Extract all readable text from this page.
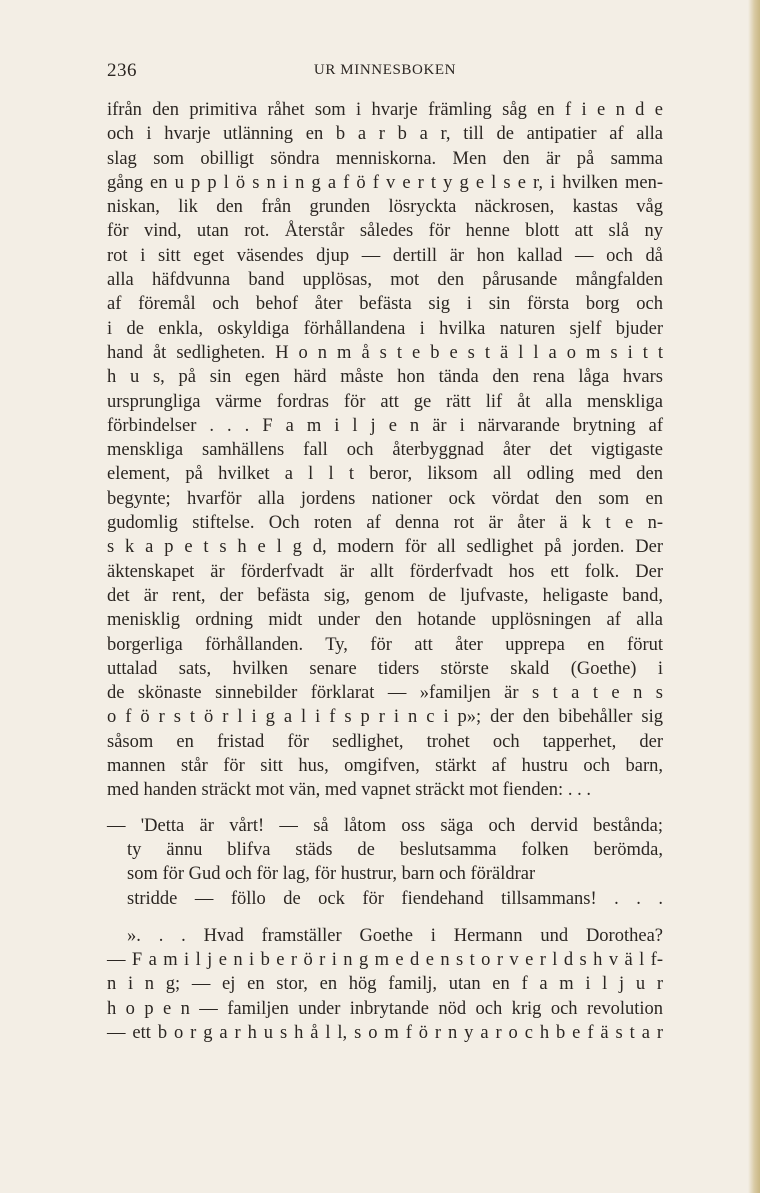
236	UR MINNESBOKEN
ifrån den primitiva råhet som i hvarje främling såg en f i e n d e
och i hvarje utlänning en b a r b a r, till de antipatier af alla
slag som obilligt söndra menniskorna. Men den är på samma
gång en u p p l ö s n i n g a f ö f v e r t y g e l s e r, i hvilken men-
niskan, lik den från grunden lösryckta näckrosen, kastas våg
för vind, utan rot. Återstår således för henne blott att slå ny
rot i sitt eget väsendes djup — dertill är hon kallad — och då
alla häfdvunna band upplösas, mot den pårusande mångfalden
af föremål och behof åter befästa sig i sin första borg och
i de enkla, oskyldiga förhållandena i hvilka naturen sjelf bjuder
hand åt sedligheten. H o n m å s t e b e s t ä l l a o m s i t t
h u s, på sin egen härd måste hon tända den rena låga hvars
ursprungliga värme fordras för att ge rätt lif åt alla menskliga
förbindelser . . . F a m i l j e n är i närvarande brytning af
menskliga samhällens fall och återbyggnad åter det vigtigaste
element, på hvilket a l l t beror, liksom all odling med den
begynte; hvarför alla jordens nationer ock vördat den som en
gudomlig stiftelse. Och roten af denna rot är åter ä k t e n-
s k a p e t s h e l g d, modern för all sedlighet på jorden. Der
äktenskapet är förderfvadt är allt förderfvadt hos ett folk. Der
det är rent, der befästa sig, genom de ljufvaste, heligaste band,
menisklig ordning midt under den hotande upplösningen af alla
borgerliga förhållanden. Ty, för att åter upprepa en förut
uttalad sats, hvilken senare tiders störste skald (Goethe) i
de skönaste sinnebilder förklarat — »familjen är s t a t e n s
o f ö r s t ö r l i g a l i f s p r i n c i p»; der den bibehåller sig
såsom en fristad för sedlighet, trohet och tapperhet, der
mannen står för sitt hus, omgifven, stärkt af hustru och barn,
med handen sträckt mot vän, med vapnet sträckt mot fienden: . . .
— 'Detta är vårt! — så låtom oss säga och dervid bestånda;
ty ännu blifva städs de beslutsamma folken berömda,
som för Gud och för lag, för hustrur, barn och föräldrar
stridde — föllo de ock för fiendehand tillsammans! . . .
». . . Hvad framställer Goethe i Hermann und Dorothea?
— F a m i l j e n i b e r ö r i n g m e d e n s t o r v e r l d s h v ä l f-
n i n g; — ej en stor, en hög familj, utan en f a m i l j u r
h o p e n — familjen under inbrytande nöd och krig och revolution
— ett b o r g a r h u s h å l l, s o m f ö r n y a r o c h b e f ä s t a r
